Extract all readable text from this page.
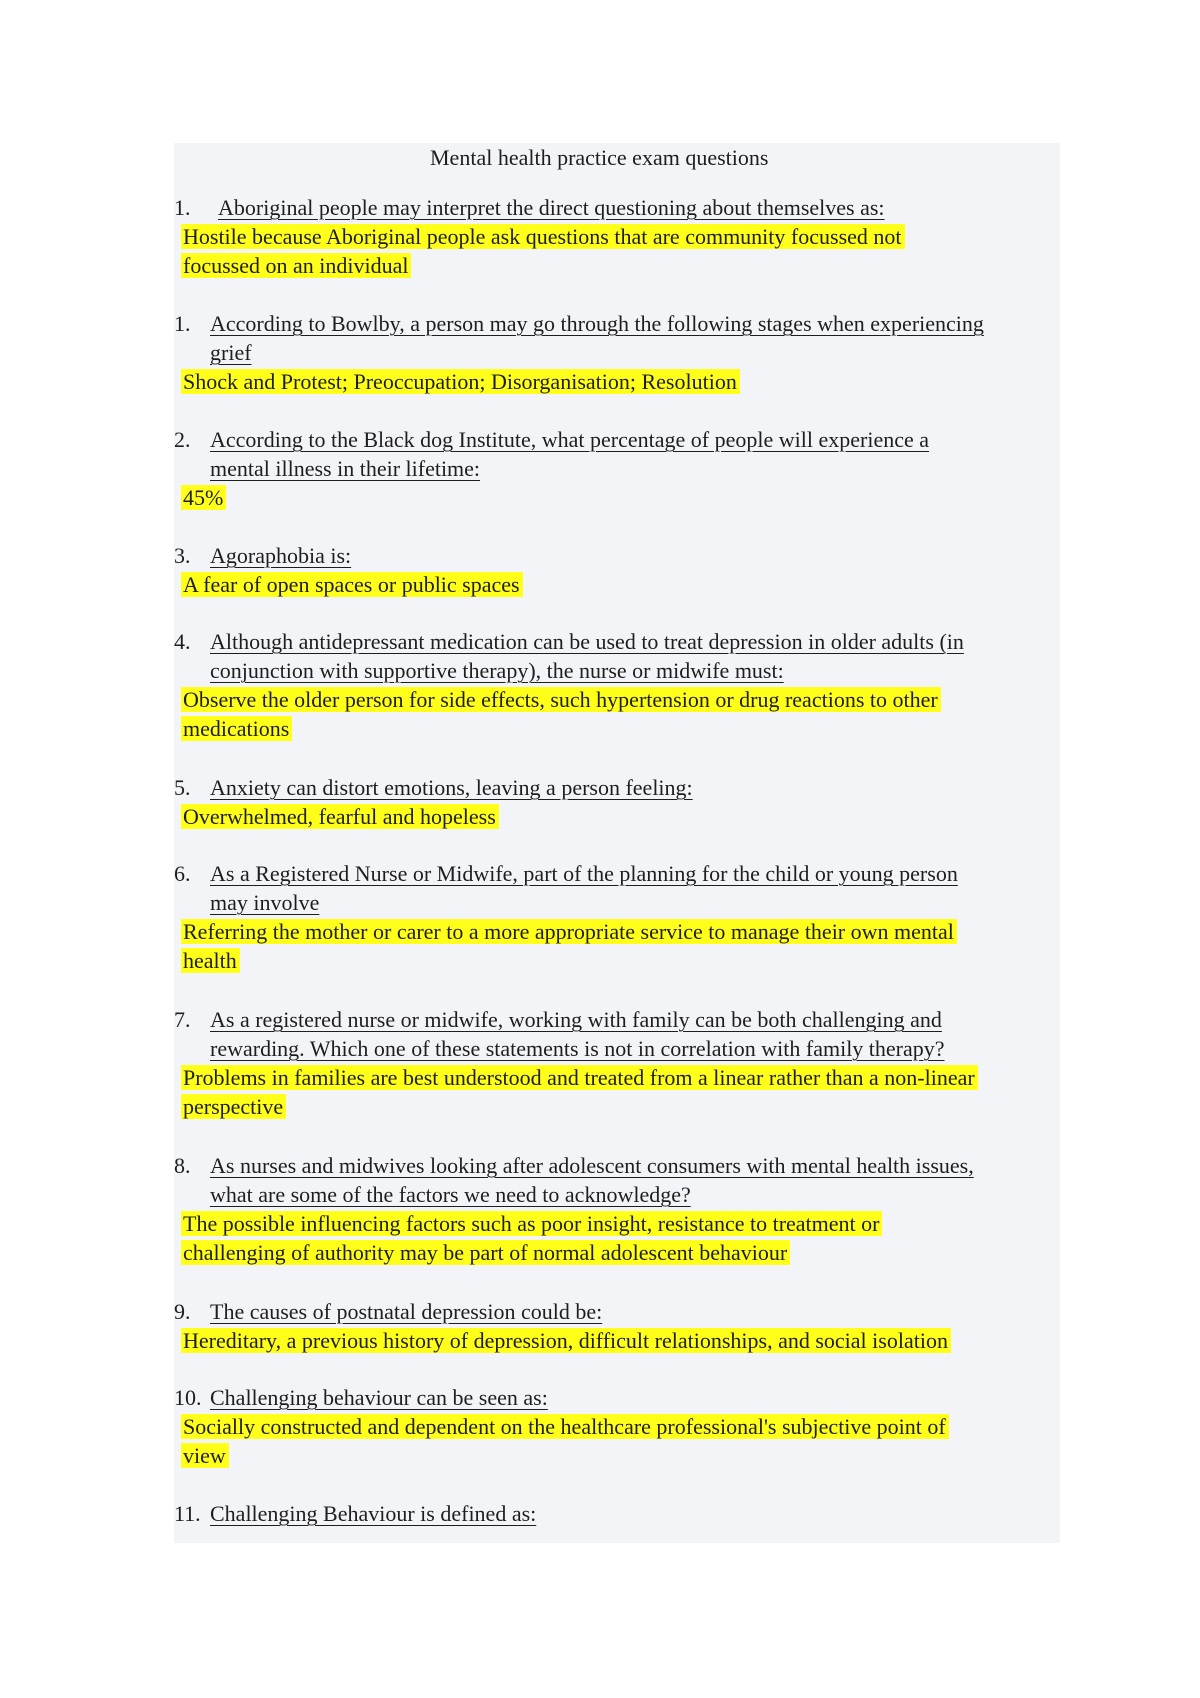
Mental health practice exam questions
1. Aboriginal people may interpret the direct questioning about themselves as:
Hostile because Aboriginal people ask questions that are community focussed not
focussed on an individual
1. According to Bowlby, a person may go through the following stages when experiencing
grief
Shock and Protest; Preoccupation; Disorganisation; Resolution
2. According to the Black dog Institute, what percentage of people will experience a
mental illness in their lifetime:
45%
3. Agoraphobia is:
A fear of open spaces or public spaces
4. Although antidepressant medication can be used to treat depression in older adults (in
conjunction with supportive therapy), the nurse or midwife must:
Observe the older person for side effects, such hypertension or drug reactions to other
medications
5. Anxiety can distort emotions, leaving a person feeling:
Overwhelmed, fearful and hopeless
6. As a Registered Nurse or Midwife, part of the planning for the child or young person
may involve
Referring the mother or carer to a more appropriate service to manage their own mental
health
7. As a registered nurse or midwife, working with family can be both challenging and
rewarding. Which one of these statements is not in correlation with family therapy?
Problems in families are best understood and treated from a linear rather than a non-linear
perspective
8. As nurses and midwives looking after adolescent consumers with mental health issues,
what are some of the factors we need to acknowledge?
The possible influencing factors such as poor insight, resistance to treatment or
challenging of authority may be part of normal adolescent behaviour
9. The causes of postnatal depression could be:
Hereditary, a previous history of depression, difficult relationships, and social isolation
10. Challenging behaviour can be seen as:
Socially constructed and dependent on the healthcare professional's subjective point of
view
11. Challenging Behaviour is defined as:
